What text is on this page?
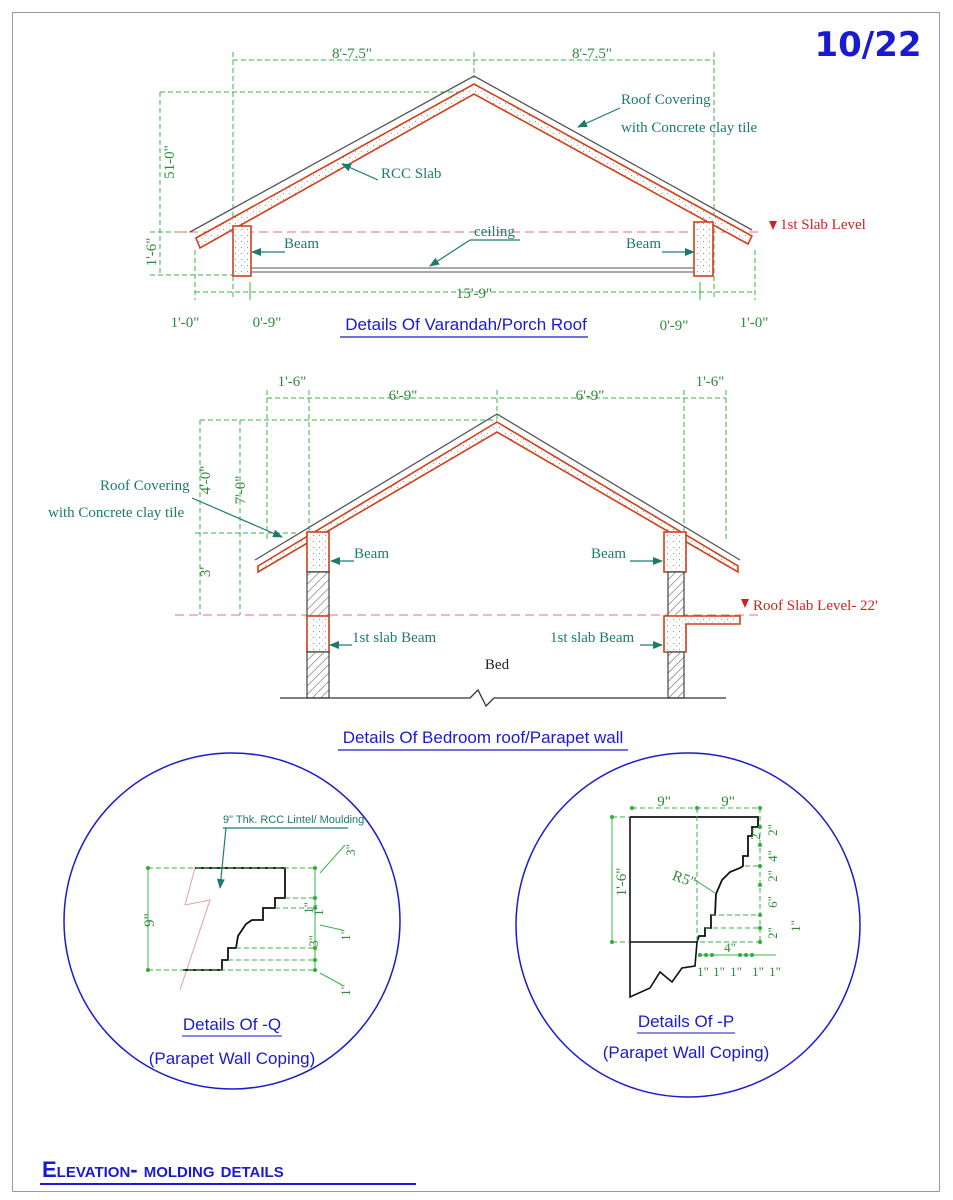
10/22
8'-7.5"	8'-7.5"
51-0"
1'-6"
15'-9"
1'-0"	0'-9"	0'-9"	1'-0"
Roof Covering
with Concrete clay tile
RCC Slab
ceiling
Beam	Beam
1st Slab Level
Details Of Varandah/Porch Roof
1'-6"
6'-9"	6'-9"
1'-6"
4'-0" 7'-0"
3'
Roof Covering
with Concrete clay tile
Beam	Beam
1st slab Beam	1st slab Beam
Bed
Roof Slab Level- 22'
Details Of Bedroom roof/Parapet wall
9" Thk. RCC Lintel/ Moulding
9"
3"
1"
1"
3"
1"
1"
Details Of -Q
(Parapet Wall Coping)
9"	9"
1'-6"	R5"
2"
4"
2"
2"
6"
2"
1"
4"
1" 1" 1" 1" 1"
Details Of -P
(Parapet Wall Coping)
Elevation- molding details
